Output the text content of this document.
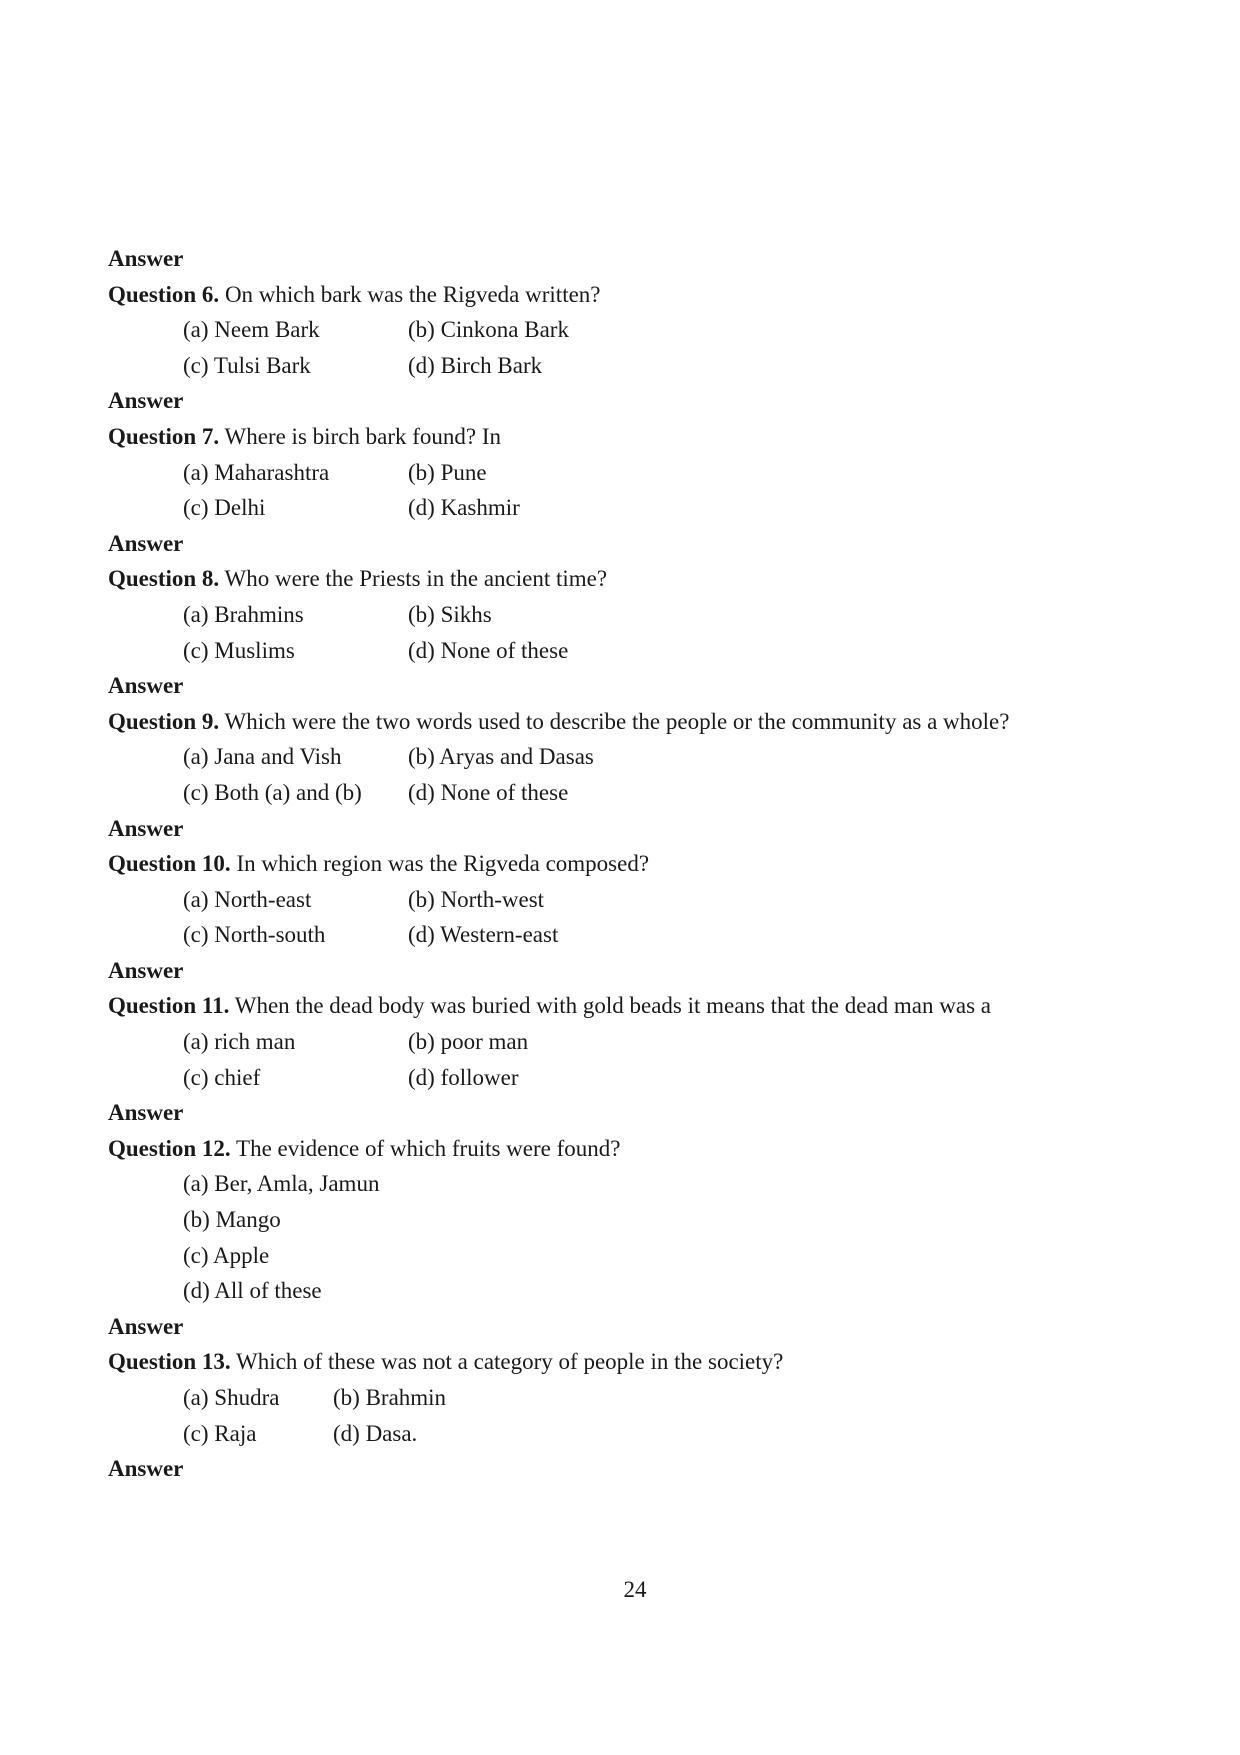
Answer
Question 6. On which bark was the Rigveda written?
(a) Neem Bark	(b) Cinkona Bark
(c) Tulsi Bark	(d) Birch Bark
Answer
Question 7. Where is birch bark found? In
(a) Maharashtra	(b) Pune
(c) Delhi	(d) Kashmir
Answer
Question 8. Who were the Priests in the ancient time?
(a) Brahmins	(b) Sikhs
(c) Muslims	(d) None of these
Answer
Question 9. Which were the two words used to describe the people or the community as a whole?
(a) Jana and Vish	(b) Aryas and Dasas
(c) Both (a) and (b)	(d) None of these
Answer
Question 10. In which region was the Rigveda composed?
(a) North-east	(b) North-west
(c) North-south	(d) Western-east
Answer
Question 11. When the dead body was buried with gold beads it means that the dead man was a
(a) rich man	(b) poor man
(c) chief	(d) follower
Answer
Question 12. The evidence of which fruits were found?
(a) Ber, Amla, Jamun
(b) Mango
(c) Apple
(d) All of these
Answer
Question 13. Which of these was not a category of people in the society?
(a) Shudra	(b) Brahmin
(c) Raja	(d) Dasa.
Answer
24
